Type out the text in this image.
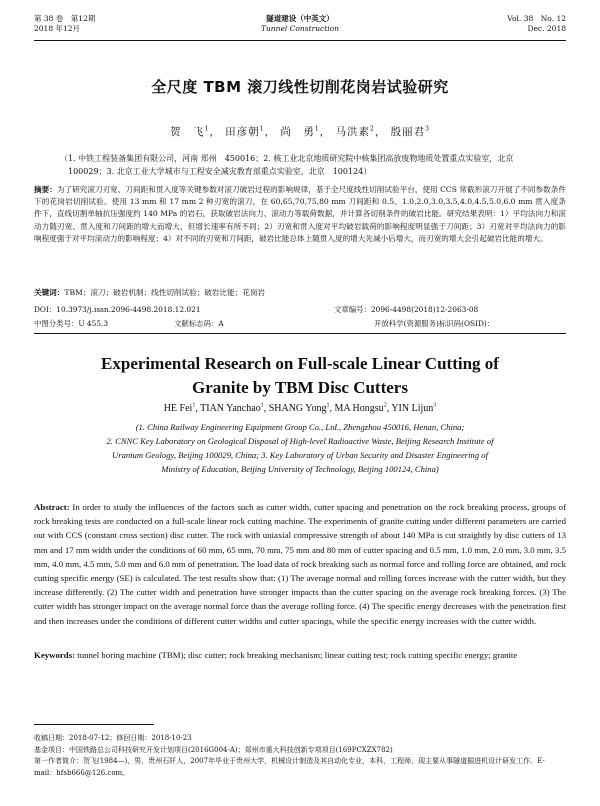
第 38 卷　第12期
2018 年12月
隧道建设（中英文）
Tunnel Construction
Vol. 38　No. 12
Dec. 2018
全尺度 TBM 滚刀线性切削花岗岩试验研究
贺　飞$^1$， 田彦朝$^1$， 尚　勇$^1$， 马洪素$^2$， 殷丽君$^3$
（1. 中铁工程装备集团有限公司，河南 郑州　450016；2. 核工业北京地质研究院中核集团高放废物地质处置重点实验室，北京　100029；3. 北京工业大学城市与工程安全减灾教育部重点实验室，北京　100124）
摘要：为了研究滚刀刃宽、刀间距和贯入度等关键参数对滚刀破岩过程的影响规律，基于全尺度线性切削试验平台，使用 CCS 常截形滚刀开展了不同参数条件下的花岗岩切削试验。使用 13 mm 和 17 mm 2 种刃宽的滚刀，在 60,65,70,75,80 mm 刀间距和 0.5、1.0,2.0,3.0,3.5,4.0,4.5,5.0,6.0 mm 贯入度条件下，直线切割单轴抗压强度约 140 MPa 的岩石，获取破岩法向力、滚动力等载荷数据，并计算各切削条件的破岩比能。研究结果表明：1）平均法向力和滚动力随刃宽、贯入度和刀间距的增大而增大，但增长速率有所不同；2）刃宽和贯入度对平均破岩载荷的影响程度明显强于刀间距；3）刃宽对平均法向力的影响程度强于对平均滚动力的影响程度；4）对不同的刃宽和刀间距，破岩比能总体上随贯入度的增大先减小后增大，而刃宽的增大会引起破岩比能的增大。
关键词：TBM；滚刀；破岩机制；线性切削试验；破岩比能；花岗岩
DOI：10.3973/j.issn.2096-4498.2018.12.021	文章编号：2096-4498(2018)12-2063-08
中图分类号：U 455.3	文献标志码：A	开放科学(资源服务)标识码(OSID)：
Experimental Research on Full-scale Linear Cutting of
Granite by TBM Disc Cutters
HE Fei$^1$, TIAN Yanchao$^1$, SHANG Yong$^1$, MA Hongsu$^2$, YIN Lijun$^3$
(1. China Railway Engineering Equipment Group Co., Ltd., Zhengzhou 450016, Henan, China;
2. CNNC Key Laboratory on Geological Disposal of High-level Radioactive Waste, Beijing Research Institute of
Uranium Geology, Beijing 100029, China; 3. Key Laboratory of Urban Security and Disaster Engineering of
Ministry of Education, Beijing University of Technology, Beijing 100124, China)
Abstract: In order to study the influences of the factors such as cutter width, cutter spacing and penetration on the rock breaking process, groups of rock breaking tests are conducted on a full-scale linear rock cutting machine. The experiments of granite cutting under different parameters are carried out with CCS (constant cross section) disc cutter. The rock with uniaxial compressive strength of about 140 MPa is cut straightly by disc cutters of 13 mm and 17 mm width under the conditions of 60 mm, 65 mm, 70 mm, 75 mm and 80 mm of cutter spacing and 0.5 mm, 1.0 mm, 2.0 mm, 3.0 mm, 3.5 mm, 4.0 mm, 4.5 mm, 5.0 mm and 6.0 mm of penetration. The load data of rock breaking such as normal force and rolling force are obtained, and rock cutting specific energy (SE) is calculated. The test results show that: (1) The average normal and rolling forces increase with the cutter width, but they increase differently. (2) The cutter width and penetration have stronger impacts than the cutter spacing on the average rock breaking forces. (3) The cutter width has stronger impact on the average normal force than the average rolling force. (4) The specific energy decreases with the penetration first and then increases under the conditions of different cutter widths and cutter spacings, while the specific energy increases with the cutter width.
Keywords: tunnel boring machine (TBM); disc cutter; rock breaking mechanism; linear cutting test; rock cutting specific energy; granite
收稿日期：2018-07-12；修回日期：2018-10-23
基金项目：中国铁路总公司科技研究开发计划项目(2016G004-A)；郑州市重大科技创新专项项目(169PCXZX782)
第一作者简介：贺飞(1984—)，男，贵州石阡人，2007年毕业于贵州大学，机械设计制造及其自动化专业，本科，工程师，现主要从事隧道掘进机设计研发工作。E-mail：hfsb666@126.com。
